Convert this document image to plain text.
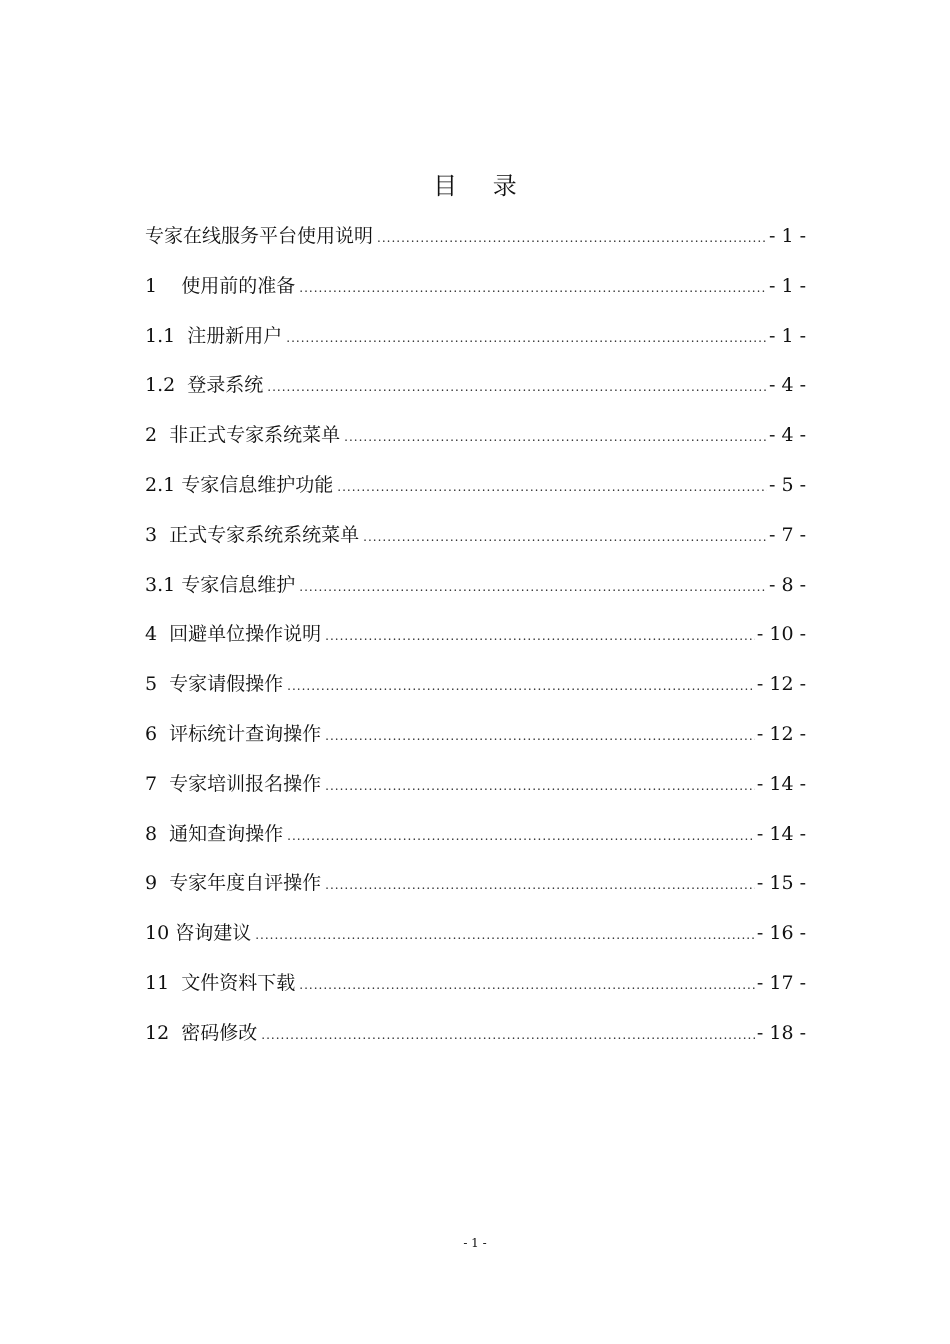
目 录
专家在线服务平台使用说明 .....	- 1 -
1    使用前的准备 .....	- 1 -
1.1  注册新用户 .....	- 1 -
1.2  登录系统 .....	- 4 -
2  非正式专家系统菜单 .....	- 4 -
2.1 专家信息维护功能 .....	- 5 -
3  正式专家系统系统菜单 .....	- 7 -
3.1 专家信息维护 .....	- 8 -
4  回避单位操作说明 .....	- 10 -
5  专家请假操作 .....	- 12 -
6  评标统计查询操作 .....	- 12 -
7  专家培训报名操作 .....	- 14 -
8  通知查询操作 .....	- 14 -
9  专家年度自评操作 .....	- 15 -
10 咨询建议 .....	- 16 -
11  文件资料下载 .....	- 17 -
12  密码修改 .....	- 18 -
- 1 -
